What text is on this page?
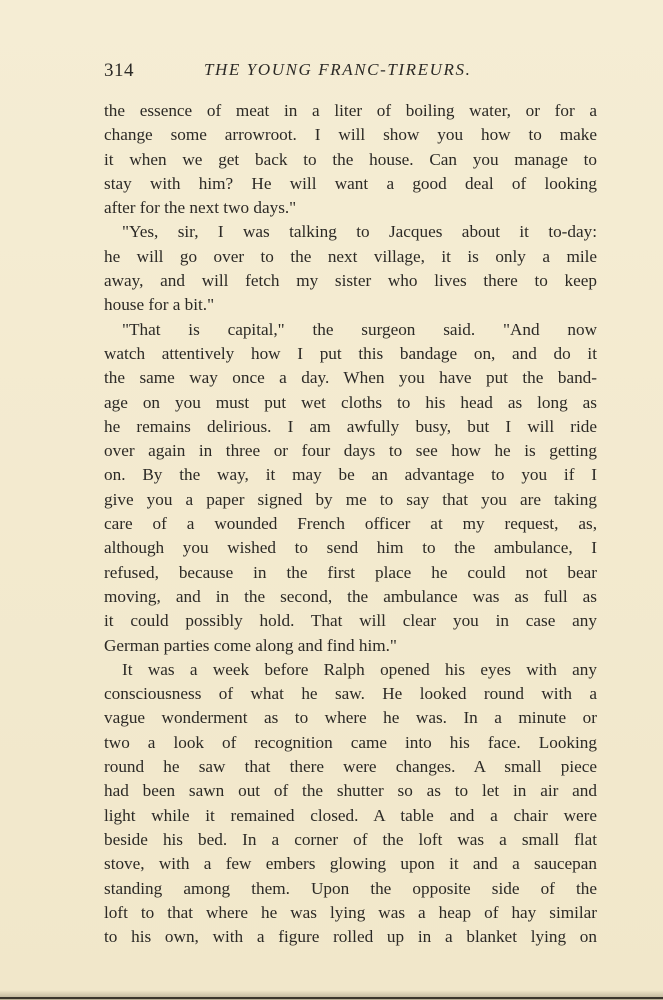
314	THE YOUNG FRANC-TIREURS.
the essence of meat in a liter of boiling water, or for a
change some arrowroot. I will show you how to make
it when we get back to the house. Can you manage to
stay with him? He will want a good deal of looking
after for the next two days."
"Yes, sir, I was talking to Jacques about it to-day:
he will go over to the next village, it is only a mile
away, and will fetch my sister who lives there to keep
house for a bit."
"That is capital," the surgeon said. "And now
watch attentively how I put this bandage on, and do it
the same way once a day. When you have put the band-
age on you must put wet cloths to his head as long as
he remains delirious. I am awfully busy, but I will ride
over again in three or four days to see how he is getting
on. By the way, it may be an advantage to you if I
give you a paper signed by me to say that you are taking
care of a wounded French officer at my request, as,
although you wished to send him to the ambulance, I
refused, because in the first place he could not bear
moving, and in the second, the ambulance was as full as
it could possibly hold. That will clear you in case any
German parties come along and find him."
It was a week before Ralph opened his eyes with any
consciousness of what he saw. He looked round with a
vague wonderment as to where he was. In a minute or
two a look of recognition came into his face. Looking
round he saw that there were changes. A small piece
had been sawn out of the shutter so as to let in air and
light while it remained closed. A table and a chair were
beside his bed. In a corner of the loft was a small flat
stove, with a few embers glowing upon it and a saucepan
standing among them. Upon the opposite side of the
loft to that where he was lying was a heap of hay similar
to his own, with a figure rolled up in a blanket lying on
